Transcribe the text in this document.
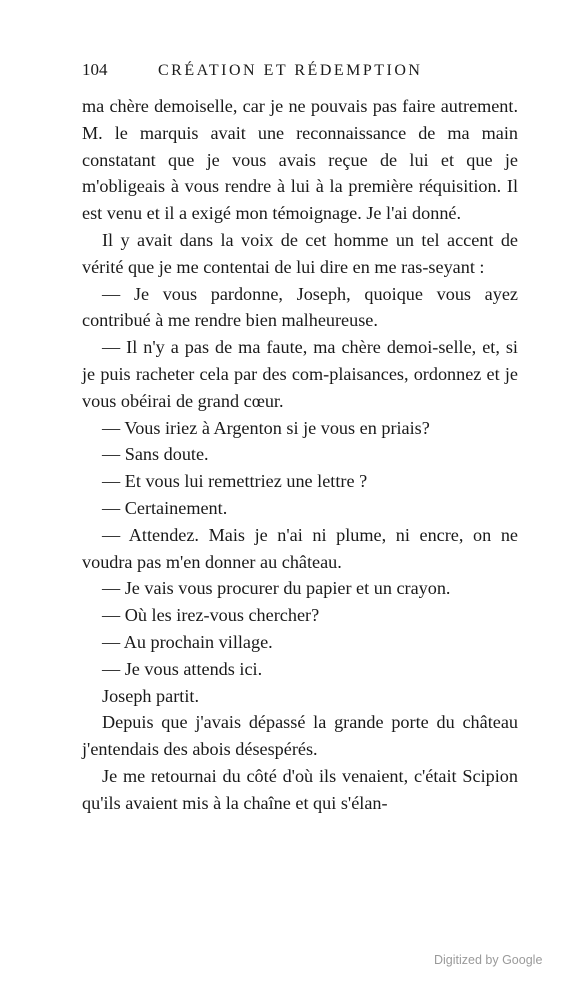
104	CRÉATION ET RÉDEMPTION

ma chère demoiselle, car je ne pouvais pas faire autrement. M. le marquis avait une reconnaissance de ma main constatant que je vous avais reçue de lui et que je m'obligeais à vous rendre à lui à la première réquisition. Il est venu et il a exigé mon témoignage. Je l'ai donné.

Il y avait dans la voix de cet homme un tel accent de vérité que je me contentai de lui dire en me ras-seyant :

— Je vous pardonne, Joseph, quoique vous ayez contribué à me rendre bien malheureuse.

— Il n'y a pas de ma faute, ma chère demoi-selle, et, si je puis racheter cela par des com-plaisances, ordonnez et je vous obéirai de grand cœur.

— Vous iriez à Argenton si je vous en priais?

— Sans doute.

— Et vous lui remettriez une lettre ?

— Certainement.

— Attendez. Mais je n'ai ni plume, ni encre, on ne voudra pas m'en donner au château.

— Je vais vous procurer du papier et un crayon.

— Où les irez-vous chercher?

— Au prochain village.

— Je vous attends ici.

Joseph partit.

Depuis que j'avais dépassé la grande porte du château j'entendais des abois désespérés.

Je me retournai du côté d'où ils venaient, c'était Scipion qu'ils avaient mis à la chaîne et qui s'élan-

Digitized by Google
